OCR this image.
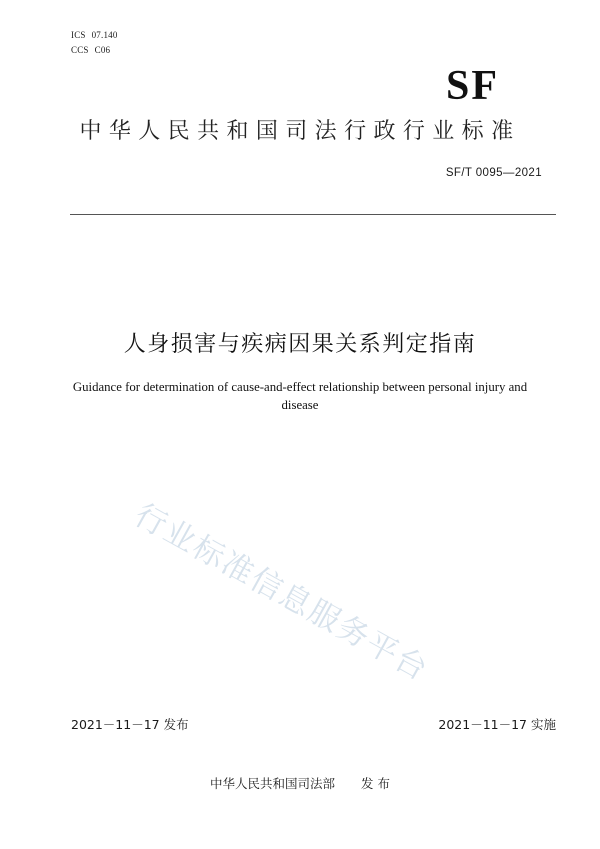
ICS 07.140
CCS C06
SF
中华人民共和国司法行政行业标准
SF/T 0095—2021
人身损害与疾病因果关系判定指南
Guidance for determination of cause-and-effect relationship between personal injury and disease
行业标准信息服务平台
2021－11－17 发布	2021－11－17 实施
中华人民共和国司法部 发 布
